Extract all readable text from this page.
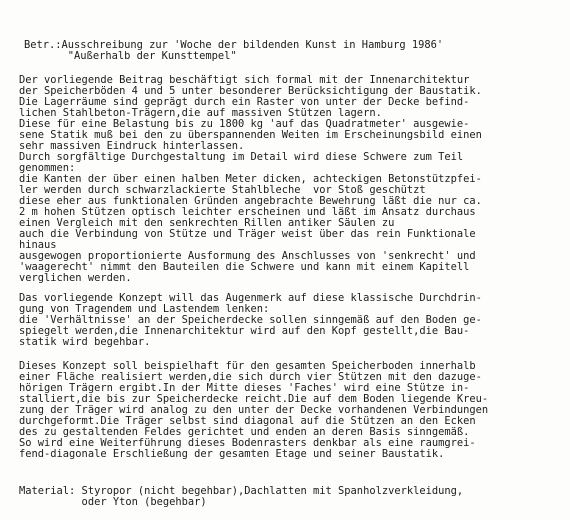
Betr.:Ausschreibung zur 'Woche der bildenden Kunst in Hamburg 1986'
"Außerhalb der Kunsttempel"
Der vorliegende Beitrag beschäftigt sich formal mit der Innenarchitektur
der Speicherböden 4 und 5 unter besonderer Berücksichtigung der Baustatik.
Die Lagerräume sind geprägt durch ein Raster von unter der Decke befind-
lichen Stahlbeton-Trägern,die auf massiven Stützen lagern.
Diese für eine Belastung bis zu 1800 kg 'auf das Quadratmeter' ausgewie-
sene Statik muß bei den zu überspannenden Weiten im Erscheinungsbild einen
sehr massiven Eindruck hinterlassen.
Durch sorgfältige Durchgestaltung im Detail wird diese Schwere zum Teil
genommen:
die Kanten der über einen halben Meter dicken, achteckigen Betonstützpfei-
ler werden durch schwarzlackierte Stahlbleche  vor Stoß geschützt
diese eher aus funktionalen Gründen angebrachte Bewehrung läßt die nur ca.
2 m hohen Stützen optisch leichter erscheinen und läßt im Ansatz durchaus
einen Vergleich mit den senkrechten Rillen antiker Säulen zu
auch die Verbindung von Stütze und Träger weist über das rein Funktionale
hinaus
ausgewogen proportionierte Ausformung des Anschlusses von 'senkrecht' und
'waagerecht' nimmt den Bauteilen die Schwere und kann mit einem Kapitell
verglichen werden.
Das vorliegende Konzept will das Augenmerk auf diese klassische Durchdrin-
gung von Tragendem und Lastendem lenken:
die 'Verhältnisse' an der Speicherdecke sollen sinngemäß auf den Boden ge-
spiegelt werden,die Innenarchitektur wird auf den Kopf gestellt,die Bau-
statik wird begehbar.
Dieses Konzept soll beispielhaft für den gesamten Speicherboden innerhalb
einer Fläche realisiert werden,die sich durch vier Stützen mit den dazuge-
hörigen Trägern ergibt.In der Mitte dieses 'Faches' wird eine Stütze in-
stalliert,die bis zur Speicherdecke reicht.Die auf dem Boden liegende Kreu-
zung der Träger wird analog zu den unter der Decke vorhandenen Verbindungen
durchgeformt.Die Träger selbst sind diagonal auf die Stützen an den Ecken
des zu gestaltenden Feldes gerichtet und enden an deren Basis sinngemäß.
So wird eine Weiterführung dieses Bodenrasters denkbar als eine raumgrei-
fend-diagonale Erschließung der gesamten Etage und seiner Baustatik.
Material: Styropor (nicht begehbar),Dachlatten mit Spanholzverkleidung,
oder Yton (begehbar)
